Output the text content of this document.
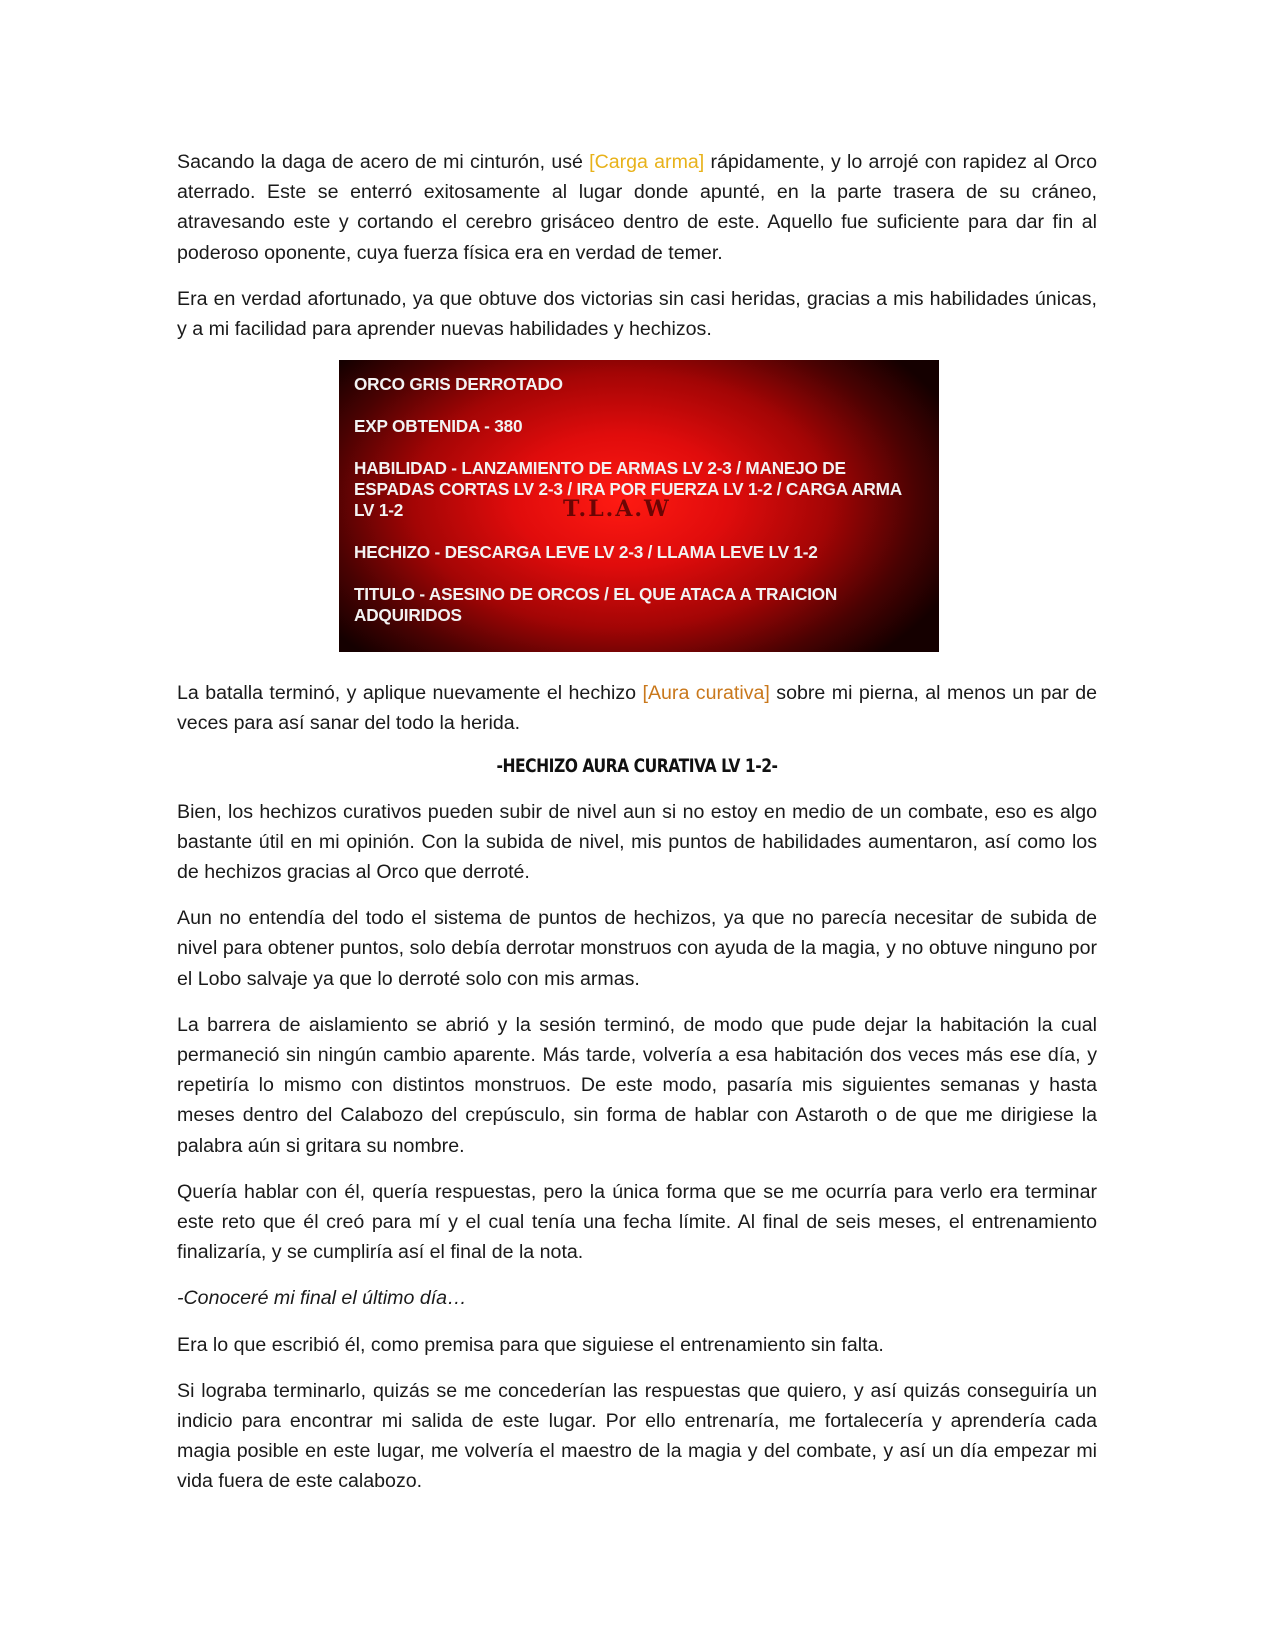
Sacando la daga de acero de mi cinturón, usé [Carga arma] rápidamente, y lo arrojé con rapidez al Orco aterrado. Este se enterró exitosamente al lugar donde apunté, en la parte trasera de su cráneo, atravesando este y cortando el cerebro grisáceo dentro de este. Aquello fue suficiente para dar fin al poderoso oponente, cuya fuerza física era en verdad de temer.

Era en verdad afortunado, ya que obtuve dos victorias sin casi heridas, gracias a mis habilidades únicas, y a mi facilidad para aprender nuevas habilidades y hechizos.

ORCO GRIS DERROTADO
EXP OBTENIDA - 380
HABILIDAD - LANZAMIENTO DE ARMAS LV 2-3 / MANEJO DE ESPADAS CORTAS LV 2-3 / IRA POR FUERZA LV 1-2 / CARGA ARMA LV 1-2
HECHIZO - DESCARGA LEVE LV 2-3 / LLAMA LEVE LV 1-2
TITULO - ASESINO DE ORCOS / EL QUE ATACA A TRAICION ADQUIRIDOS
T.L.A.W

La batalla terminó, y aplique nuevamente el hechizo [Aura curativa] sobre mi pierna, al menos un par de veces para así sanar del todo la herida.

-HECHIZO AURA CURATIVA LV 1-2-

Bien, los hechizos curativos pueden subir de nivel aun si no estoy en medio de un combate, eso es algo bastante útil en mi opinión. Con la subida de nivel, mis puntos de habilidades aumentaron, así como los de hechizos gracias al Orco que derroté.

Aun no entendía del todo el sistema de puntos de hechizos, ya que no parecía necesitar de subida de nivel para obtener puntos, solo debía derrotar monstruos con ayuda de la magia, y no obtuve ninguno por el Lobo salvaje ya que lo derroté solo con mis armas.

La barrera de aislamiento se abrió y la sesión terminó, de modo que pude dejar la habitación la cual permaneció sin ningún cambio aparente. Más tarde, volvería a esa habitación dos veces más ese día, y repetiría lo mismo con distintos monstruos. De este modo, pasaría mis siguientes semanas y hasta meses dentro del Calabozo del crepúsculo, sin forma de hablar con Astaroth o de que me dirigiese la palabra aún si gritara su nombre.

Quería hablar con él, quería respuestas, pero la única forma que se me ocurría para verlo era terminar este reto que él creó para mí y el cual tenía una fecha límite. Al final de seis meses, el entrenamiento finalizaría, y se cumpliría así el final de la nota.

-Conoceré mi final el último día…

Era lo que escribió él, como premisa para que siguiese el entrenamiento sin falta.

Si lograba terminarlo, quizás se me concederían las respuestas que quiero, y así quizás conseguiría un indicio para encontrar mi salida de este lugar. Por ello entrenaría, me fortalecería y aprendería cada magia posible en este lugar, me volvería el maestro de la magia y del combate, y así un día empezar mi vida fuera de este calabozo.
